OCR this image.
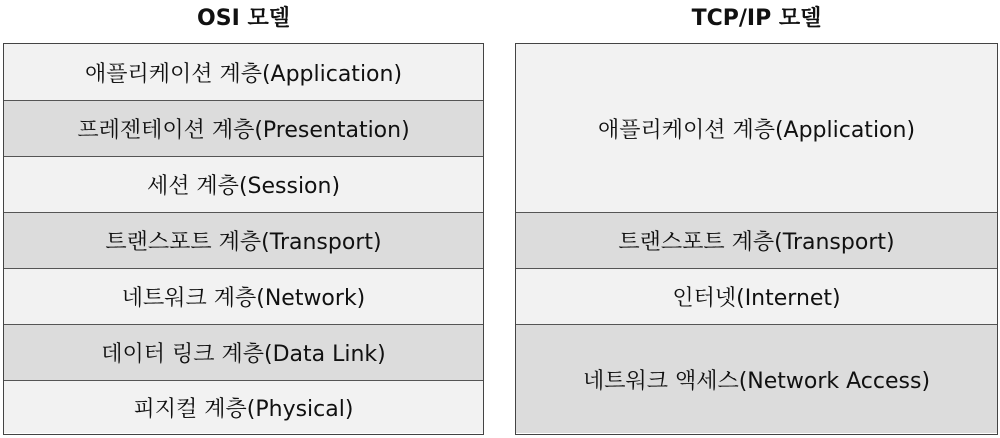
OSI 모델
애플리케이션 계층(Application)
프레젠테이션 계층(Presentation)
세션 계층(Session)
트랜스포트 계층(Transport)
네트워크 계층(Network)
데이터 링크 계층(Data Link)
피지컬 계층(Physical)
TCP/IP 모델
애플리케이션 계층(Application)
트랜스포트 계층(Transport)
인터넷(Internet)
네트워크 액세스(Network Access)
